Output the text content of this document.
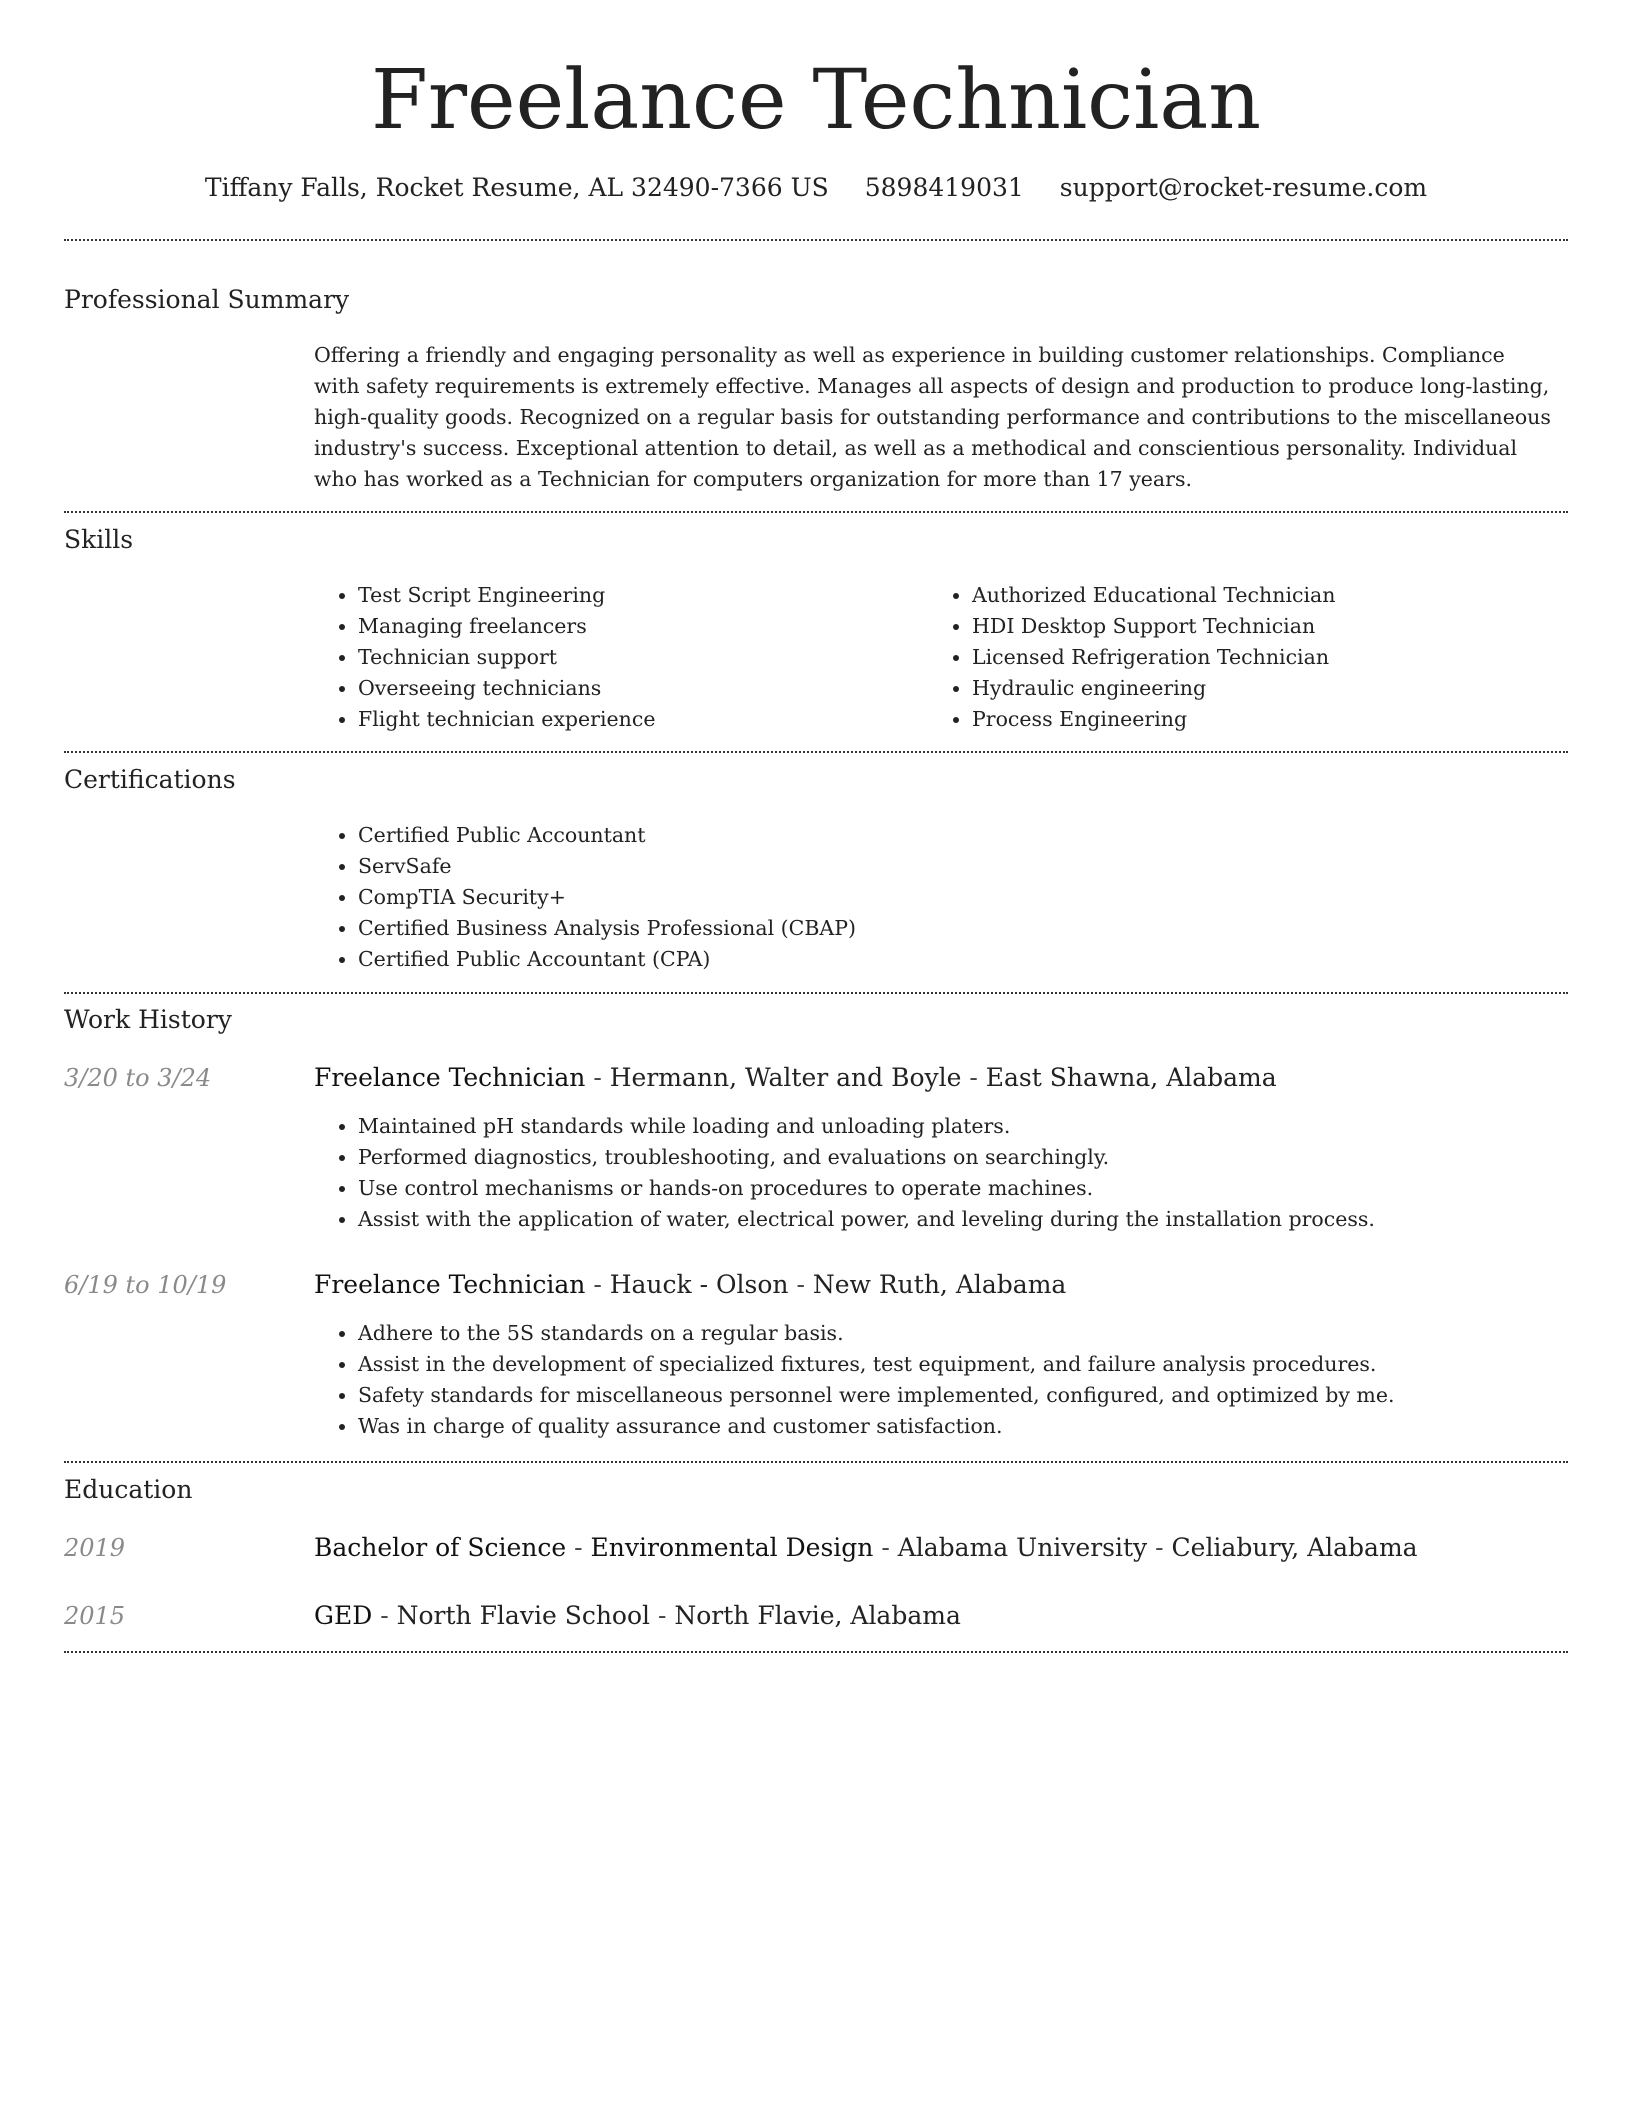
Freelance Technician
Tiffany Falls, Rocket Resume, AL 32490-7366 US 5898419031 support@rocket-resume.com
Professional Summary

Offering a friendly and engaging personality as well as experience in building customer relationships. Compliance with safety requirements is extremely effective. Manages all aspects of design and production to produce long-lasting, high-quality goods. Recognized on a regular basis for outstanding performance and contributions to the miscellaneous industry's success. Exceptional attention to detail, as well as a methodical and conscientious personality. Individual who has worked as a Technician for computers organization for more than 17 years.

Skills
• Test Script Engineering
• Managing freelancers
• Technician support
• Overseeing technicians
• Flight technician experience
• Authorized Educational Technician
• HDI Desktop Support Technician
• Licensed Refrigeration Technician
• Hydraulic engineering
• Process Engineering
Certifications
• Certified Public Accountant
• ServSafe
• CompTIA Security+
• Certified Business Analysis Professional (CBAP)
• Certified Public Accountant (CPA)
Work History
3/20 to 3/24	Freelance Technician - Hermann, Walter and Boyle - East Shawna, Alabama
• Maintained pH standards while loading and unloading platers.
• Performed diagnostics, troubleshooting, and evaluations on searchingly.
• Use control mechanisms or hands-on procedures to operate machines.
• Assist with the application of water, electrical power, and leveling during the installation process.
6/19 to 10/19	Freelance Technician - Hauck - Olson - New Ruth, Alabama
• Adhere to the 5S standards on a regular basis.
• Assist in the development of specialized fixtures, test equipment, and failure analysis procedures.
• Safety standards for miscellaneous personnel were implemented, configured, and optimized by me.
• Was in charge of quality assurance and customer satisfaction.
Education
2019	Bachelor of Science - Environmental Design - Alabama University - Celiabury, Alabama
2015	GED - North Flavie School - North Flavie, Alabama
